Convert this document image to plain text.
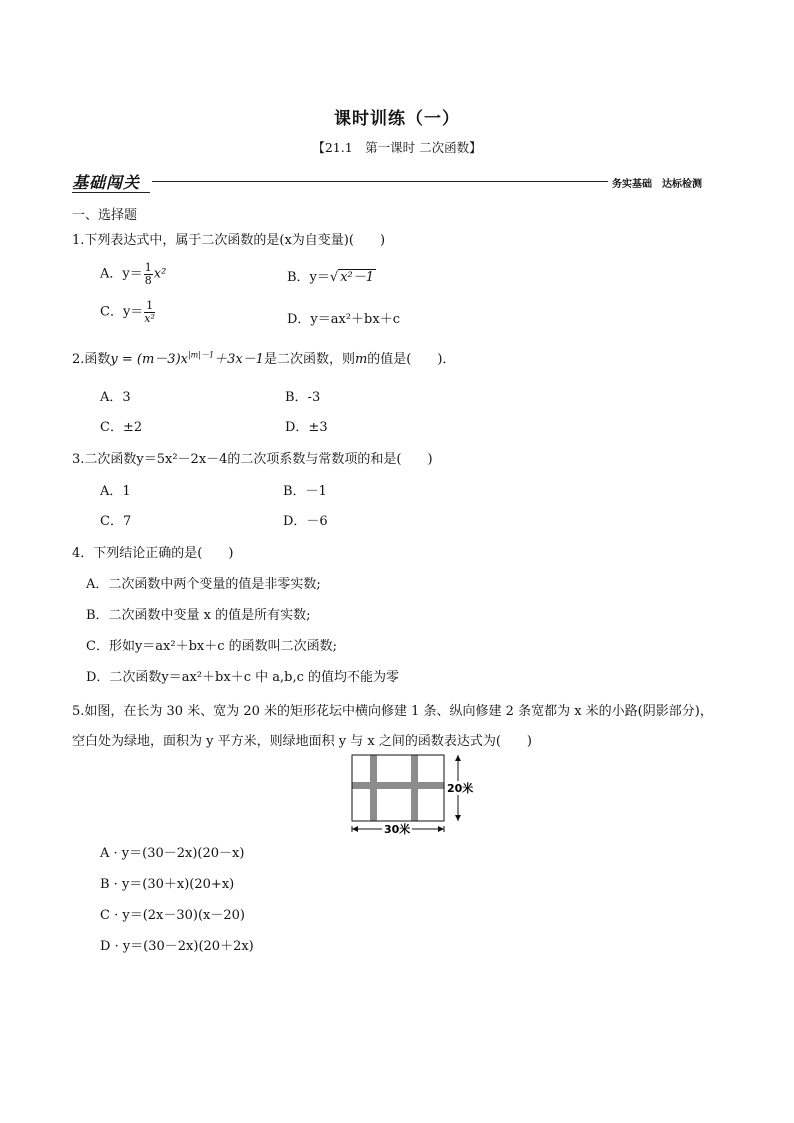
课时训练（一）
【21.1　第一课时 二次函数】
基础闯关	务实基础　达标检测
一、选择题
1.下列表达式中，属于二次函数的是(x为自变量)(　　)
A．$y= \frac{1}{8} x^2$	B．y＝√ x²－1
C．$y= \frac{1}{\text{x²}}$	D．y＝ax²＋bx＋c
2.函数$y = (m-3)x^{|m|-1}+3x-1$是二次函数，则m的值是(　　)．
A．3	B．-3
C．±2	D．±3
3.二次函数y＝5x²－2x－4的二次项系数与常数项的和是(　　)
A．1	B．－1
C．7	D．－6
4．下列结论正确的是(　　)
A．二次函数中两个变量的值是非零实数;
B．二次函数中变量 x 的值是所有实数;
C．形如y＝ax²＋bx＋c 的函数叫二次函数;
D．二次函数y＝ax²＋bx＋c 中 a,b,c 的值均不能为零
5.如图，在长为 30 米、宽为 20 米的矩形花坛中横向修建 1 条、纵向修建 2 条宽都为 x 米的小路(阴影部分)，
空白处为绿地，面积为 y 平方米，则绿地面积 y 与 x 之间的函数表达式为(　　)
20米
30米
A · y＝(30－2x)(20－x)
B · y＝(30＋x)(20+x)
C · y＝(2x－30)(x－20)
D · y＝(30－2x)(20＋2x)
